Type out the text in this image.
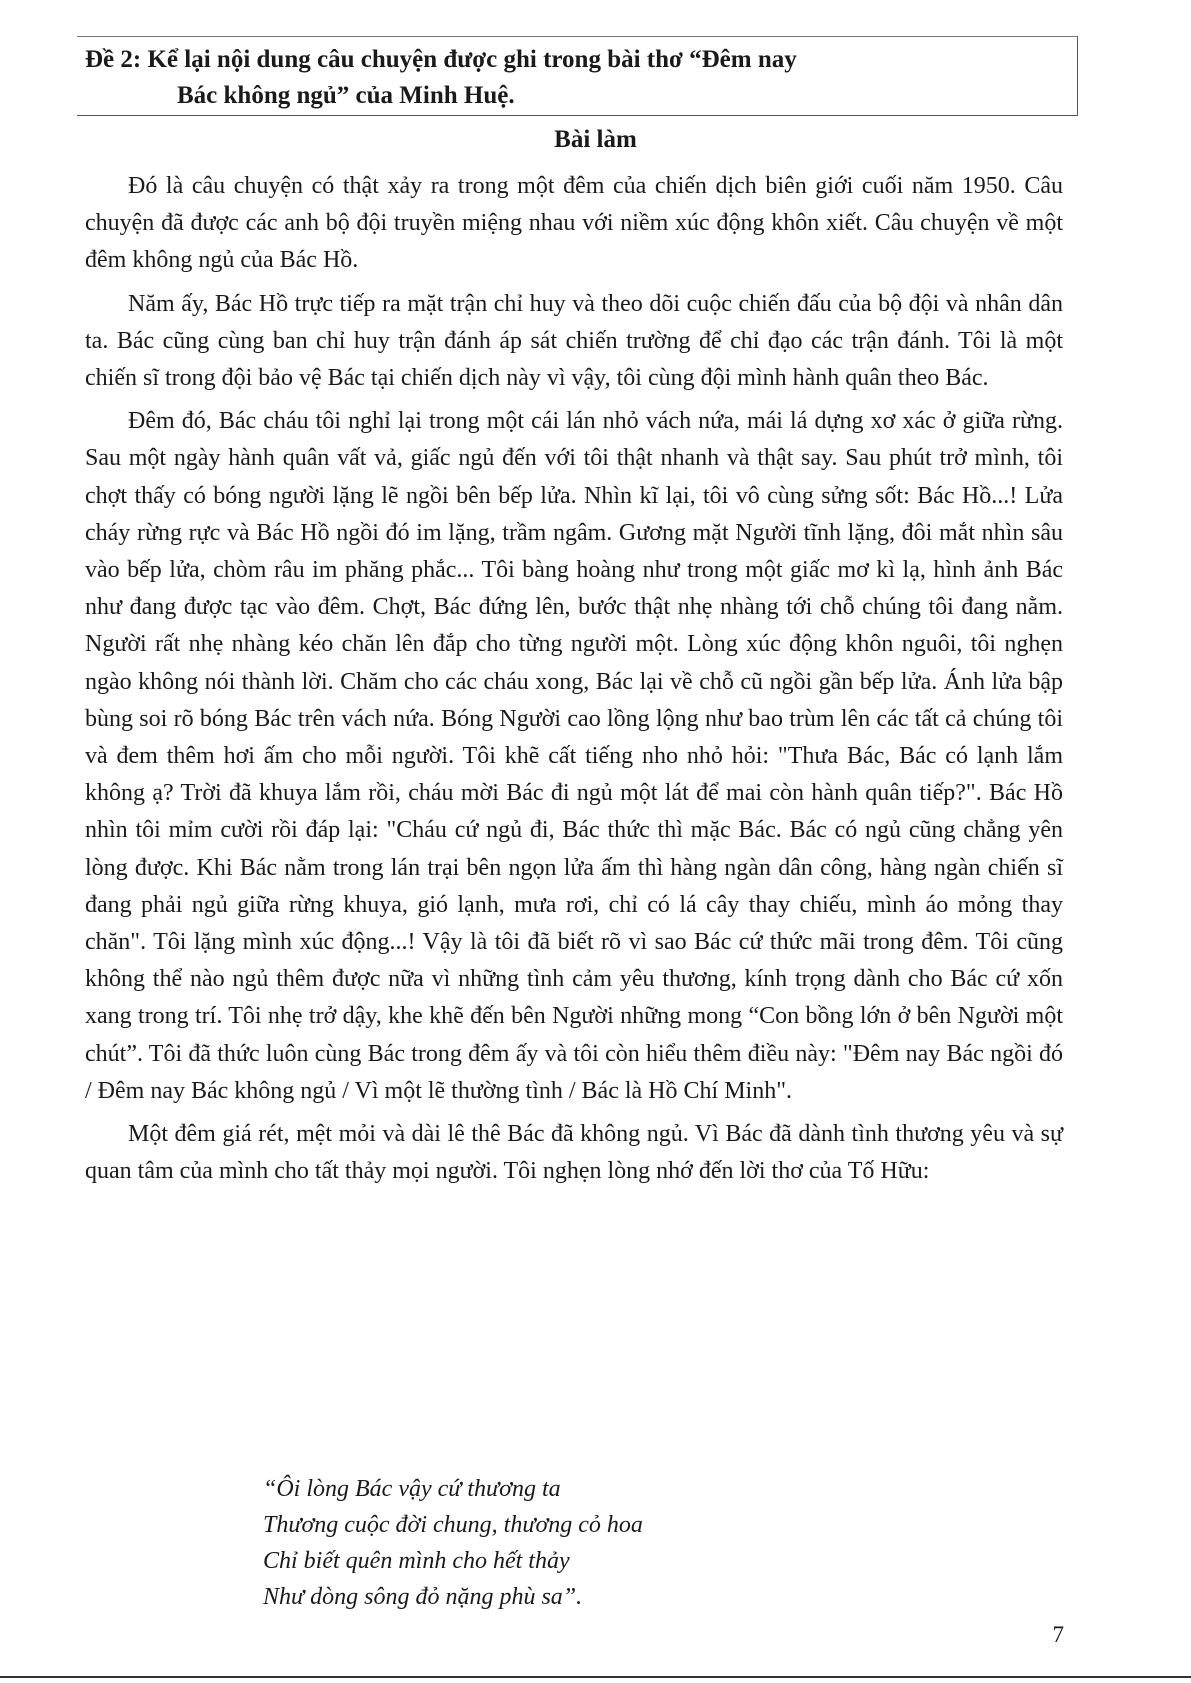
Đề 2: Kể lại nội dung câu chuyện được ghi trong bài thơ “Đêm nay
Bác không ngủ” của Minh Huệ.
Bài làm

Đó là câu chuyện có thật xảy ra trong một đêm của chiến dịch biên giới cuối năm 1950. Câu chuyện đã được các anh bộ đội truyền miệng nhau với niềm xúc động khôn xiết. Câu chuyện về một đêm không ngủ của Bác Hồ.

Năm ấy, Bác Hồ trực tiếp ra mặt trận chỉ huy và theo dõi cuộc chiến đấu của bộ đội và nhân dân ta. Bác cũng cùng ban chỉ huy trận đánh áp sát chiến trường để chỉ đạo các trận đánh. Tôi là một chiến sĩ trong đội bảo vệ Bác tại chiến dịch này vì vậy, tôi cùng đội mình hành quân theo Bác.

Đêm đó, Bác cháu tôi nghỉ lại trong một cái lán nhỏ vách nứa, mái lá dựng xơ xác ở giữa rừng. Sau một ngày hành quân vất vả, giấc ngủ đến với tôi thật nhanh và thật say. Sau phút trở mình, tôi chợt thấy có bóng người lặng lẽ ngồi bên bếp lửa. Nhìn kĩ lại, tôi vô cùng sửng sốt: Bác Hồ...! Lửa cháy rừng rực và Bác Hồ ngồi đó im lặng, trầm ngâm. Gương mặt Người tĩnh lặng, đôi mắt nhìn sâu vào bếp lửa, chòm râu im phăng phắc... Tôi bàng hoàng như trong một giấc mơ kì lạ, hình ảnh Bác như đang được tạc vào đêm. Chợt, Bác đứng lên, bước thật nhẹ nhàng tới chỗ chúng tôi đang nằm. Người rất nhẹ nhàng kéo chăn lên đắp cho từng người một. Lòng xúc động khôn nguôi, tôi nghẹn ngào không nói thành lời. Chăm cho các cháu xong, Bác lại về chỗ cũ ngồi gần bếp lửa. Ánh lửa bập bùng soi rõ bóng Bác trên vách nứa. Bóng Người cao lồng lộng như bao trùm lên các tất cả chúng tôi và đem thêm hơi ấm cho mỗi người. Tôi khẽ cất tiếng nho nhỏ hỏi: "Thưa Bác, Bác có lạnh lắm không ạ? Trời đã khuya lắm rồi, cháu mời Bác đi ngủ một lát để mai còn hành quân tiếp?". Bác Hồ nhìn tôi mỉm cười rồi đáp lại: "Cháu cứ ngủ đi, Bác thức thì mặc Bác. Bác có ngủ cũng chẳng yên lòng được. Khi Bác nằm trong lán trại bên ngọn lửa ấm thì hàng ngàn dân công, hàng ngàn chiến sĩ đang phải ngủ giữa rừng khuya, gió lạnh, mưa rơi, chỉ có lá cây thay chiếu, mình áo mỏng thay chăn". Tôi lặng mình xúc động...! Vậy là tôi đã biết rõ vì sao Bác cứ thức mãi trong đêm. Tôi cũng không thể nào ngủ thêm được nữa vì những tình cảm yêu thương, kính trọng dành cho Bác cứ xốn xang trong trí. Tôi nhẹ trở dậy, khe khẽ đến bên Người những mong “Con bồng lớn ở bên Người một chút”. Tôi đã thức luôn cùng Bác trong đêm ấy và tôi còn hiểu thêm điều này: "Đêm nay Bác ngồi đó / Đêm nay Bác không ngủ / Vì một lẽ thường tình / Bác là Hồ Chí Minh".

Một đêm giá rét, mệt mỏi và dài lê thê Bác đã không ngủ. Vì Bác đã dành tình thương yêu và sự quan tâm của mình cho tất thảy mọi người. Tôi nghẹn lòng nhớ đến lời thơ của Tố Hữu:

“Ôi lòng Bác vậy cứ thương ta
Thương cuộc đời chung, thương cỏ hoa
Chỉ biết quên mình cho hết thảy
Như dòng sông đỏ nặng phù sa”.
7
